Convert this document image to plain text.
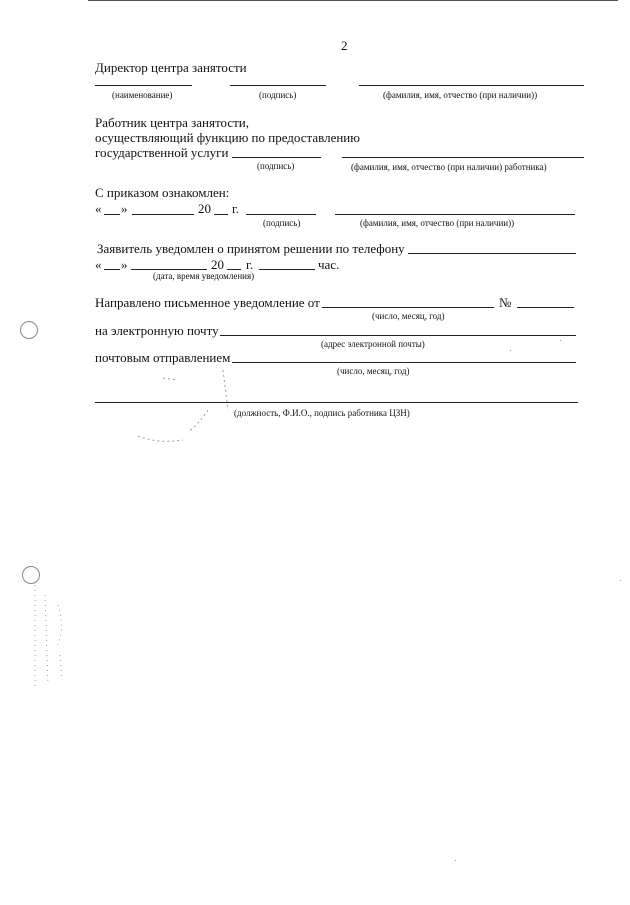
2
Директор центра занятости
(наименование)	(подпись)	(фамилия, имя, отчество (при наличии))
Работник центра занятости,
осуществляющий функцию по предоставлению
государственной услуги
(подпись)	(фамилия, имя, отчество (при наличии) работника)
С приказом ознакомлен:
« »	20 г.
(подпись)	(фамилия, имя, отчество (при наличии))
Заявитель уведомлен о принятом решении по телефону
« »	20 г.	час.
(дата, время уведомления)
Направлено письменное уведомление от	№
(число, месяц, год)
на электронную почту
(адрес электронной почты)
почтовым отправлением
(число, месяц, год)
(должность, Ф.И.О., подпись работника ЦЗН)
